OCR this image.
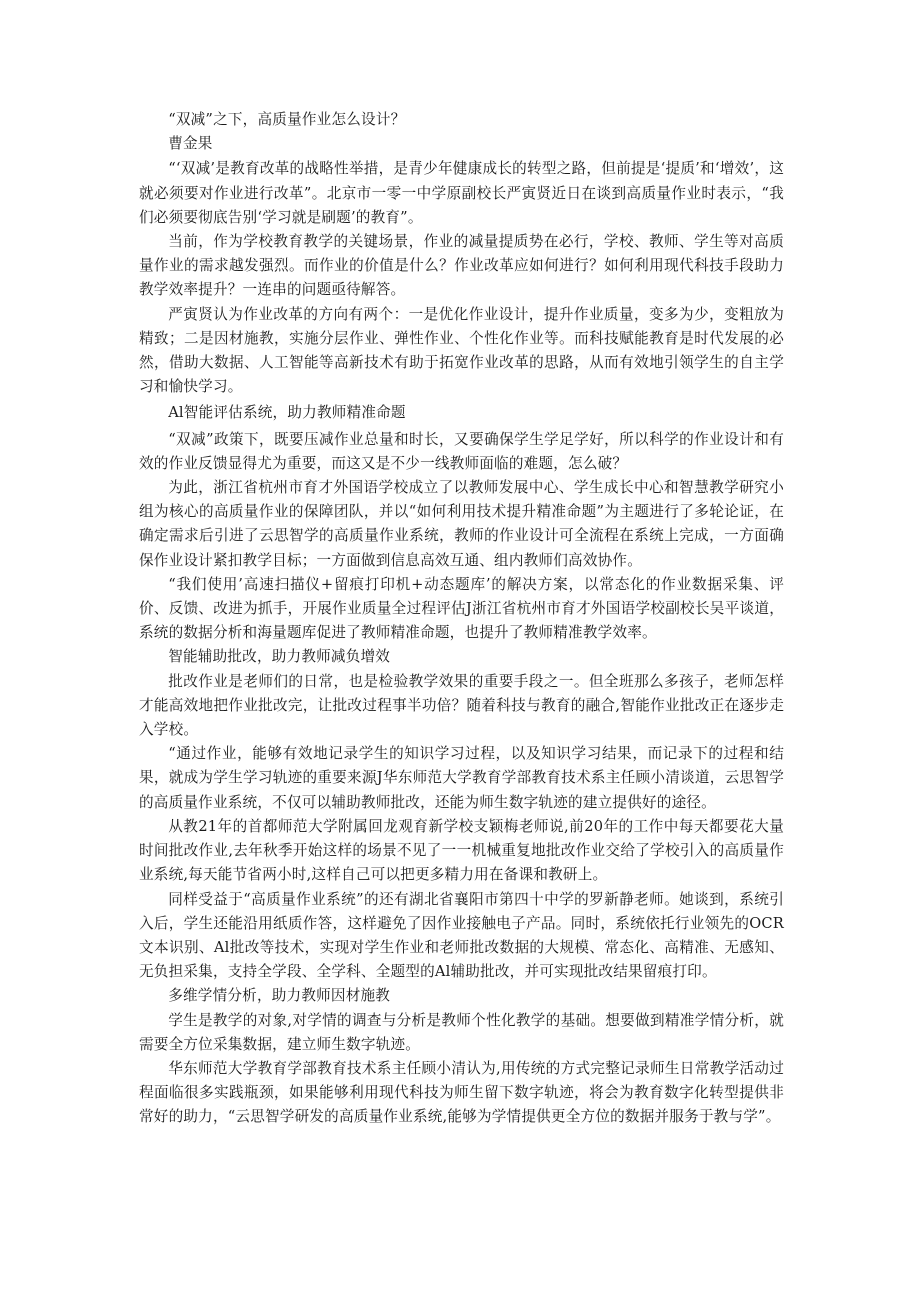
“双减”之下，高质量作业怎么设计？

曹金果

“‘双减’是教育改革的战略性举措，是青少年健康成长的转型之路，但前提是‘提质’和‘增效’，这就必须要对作业进行改革”。北京市一零一中学原副校长严寅贤近日在谈到高质量作业时表示，“我们必须要彻底告别‘学习就是刷题’的教育”。

当前，作为学校教育教学的关键场景，作业的减量提质势在必行，学校、教师、学生等对高质量作业的需求越发强烈。而作业的价值是什么？作业改革应如何进行？如何利用现代科技手段助力教学效率提升？一连串的问题亟待解答。

严寅贤认为作业改革的方向有两个：一是优化作业设计，提升作业质量，变多为少，变粗放为精致；二是因材施教，实施分层作业、弹性作业、个性化作业等。而科技赋能教育是时代发展的必然，借助大数据、人工智能等高新技术有助于拓宽作业改革的思路，从而有效地引领学生的自主学习和愉快学习。

Al智能评估系统，助力教师精准命题

“双减”政策下，既要压减作业总量和时长，又要确保学生学足学好，所以科学的作业设计和有效的作业反馈显得尤为重要，而这又是不少一线教师面临的难题，怎么破？

为此，浙江省杭州市育才外国语学校成立了以教师发展中心、学生成长中心和智慧教学研究小组为核心的高质量作业的保障团队，并以“如何利用技术提升精准命题”为主题进行了多轮论证，在确定需求后引进了云思智学的高质量作业系统，教师的作业设计可全流程在系统上完成，一方面确保作业设计紧扣教学目标；一方面做到信息高效互通、组内教师们高效协作。

“我们使用’高速扫描仪+留痕打印机+动态题库’的解决方案，以常态化的作业数据采集、评价、反馈、改进为抓手，开展作业质量全过程评估J浙江省杭州市育才外国语学校副校长吴平谈道，系统的数据分析和海量题库促进了教师精准命题，也提升了教师精准教学效率。

智能辅助批改，助力教师减负增效

批改作业是老师们的日常，也是检验教学效果的重要手段之一。但全班那么多孩子，老师怎样才能高效地把作业批改完，让批改过程事半功倍？随着科技与教育的融合,智能作业批改正在逐步走入学校。

“通过作业，能够有效地记录学生的知识学习过程，以及知识学习结果，而记录下的过程和结果，就成为学生学习轨迹的重要来源J华东师范大学教育学部教育技术系主任顾小清谈道，云思智学的高质量作业系统，不仅可以辅助教师批改，还能为师生数字轨迹的建立提供好的途径。

从教21年的首都师范大学附属回龙观育新学校支颖梅老师说,前20年的工作中每天都要花大量时间批改作业,去年秋季开始这样的场景不见了一一机械重复地批改作业交给了学校引入的高质量作业系统,每天能节省两小时,这样自己可以把更多精力用在备课和教研上。

同样受益于“高质量作业系统”的还有湖北省襄阳市第四十中学的罗新静老师。她谈到，系统引入后，学生还能沿用纸质作答，这样避免了因作业接触电子产品。同时，系统依托行业领先的OCR文本识别、Al批改等技术，实现对学生作业和老师批改数据的大规模、常态化、高精准、无感知、无负担采集，支持全学段、全学科、全题型的Al辅助批改，并可实现批改结果留痕打印。

多维学情分析，助力教师因材施教

学生是教学的对象,对学情的调查与分析是教师个性化教学的基础。想要做到精准学情分析，就需要全方位采集数据，建立师生数字轨迹。

华东师范大学教育学部教育技术系主任顾小清认为,用传统的方式完整记录师生日常教学活动过程面临很多实践瓶颈，如果能够利用现代科技为师生留下数字轨迹，将会为教育数字化转型提供非常好的助力，“云思智学研发的高质量作业系统,能够为学情提供更全方位的数据并服务于教与学”。
